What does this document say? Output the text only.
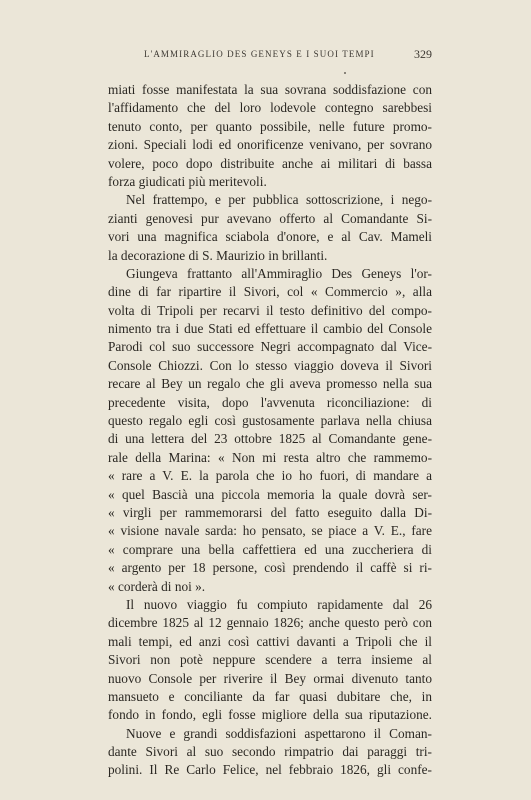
L'AMMIRAGLIO DES GENEYS E I SUOI TEMPI	329
miati fosse manifestata la sua sovrana soddisfazione con
l'affidamento che del loro lodevole contegno sarebbesi
tenuto conto, per quanto possibile, nelle future promo-
zioni. Speciali lodi ed onorificenze venivano, per sovrano
volere, poco dopo distribuite anche ai militari di bassa
forza giudicati più meritevoli.
Nel frattempo, e per pubblica sottoscrizione, i nego-
zianti genovesi pur avevano offerto al Comandante Si-
vori una magnifica sciabola d'onore, e al Cav. Mameli
la decorazione di S. Maurizio in brillanti.
Giungeva frattanto all'Ammiraglio Des Geneys l'or-
dine di far ripartire il Sivori, col « Commercio », alla
volta di Tripoli per recarvi il testo definitivo del compo-
nimento tra i due Stati ed effettuare il cambio del Console
Parodi col suo successore Negri accompagnato dal Vice-
Console Chiozzi. Con lo stesso viaggio doveva il Sivori
recare al Bey un regalo che gli aveva promesso nella sua
precedente visita, dopo l'avvenuta riconciliazione: di
questo regalo egli così gustosamente parlava nella chiusa
di una lettera del 23 ottobre 1825 al Comandante gene-
rale della Marina: « Non mi resta altro che rammemo-
« rare a V. E. la parola che io ho fuori, di mandare a
« quel Bascià una piccola memoria la quale dovrà ser-
« virgli per rammemorarsi del fatto eseguito dalla Di-
« visione navale sarda: ho pensato, se piace a V. E., fare
« comprare una bella caffettiera ed una zuccheriera di
« argento per 18 persone, così prendendo il caffè si ri-
« corderà di noi ».
Il nuovo viaggio fu compiuto rapidamente dal 26
dicembre 1825 al 12 gennaio 1826; anche questo però con
mali tempi, ed anzi così cattivi davanti a Tripoli che il
Sivori non potè neppure scendere a terra insieme al
nuovo Console per riverire il Bey ormai divenuto tanto
mansueto e conciliante da far quasi dubitare che, in
fondo in fondo, egli fosse migliore della sua riputazione.
Nuove e grandi soddisfazioni aspettarono il Coman-
dante Sivori al suo secondo rimpatrio dai paraggi tri-
polini. Il Re Carlo Felice, nel febbraio 1826, gli confe-
